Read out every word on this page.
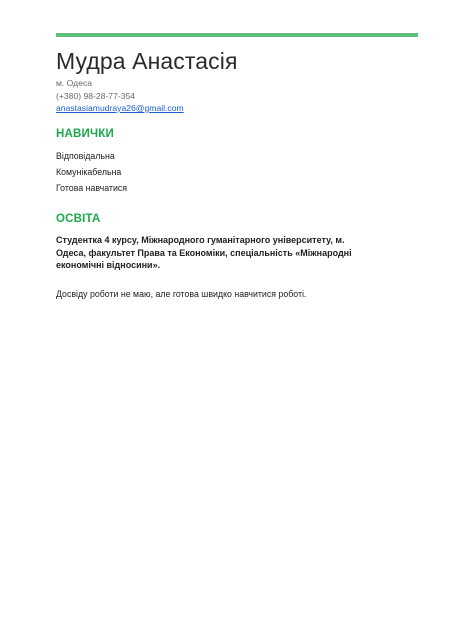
Мудра Анастасія
м. Одеса
(+380) 98-28-77-354
anastasiamudraya26@gmail.com
НАВИЧКИ
Відповідальна
Комунікабельна
Готова навчатися
ОСВІТА
Студентка 4 курсу, Міжнародного гуманітарного університету, м. Одеса, факультет Права та Економіки, спеціальність «Міжнародні економічні відносини».
Досвіду роботи не маю, але готова швидко навчитися роботі.
